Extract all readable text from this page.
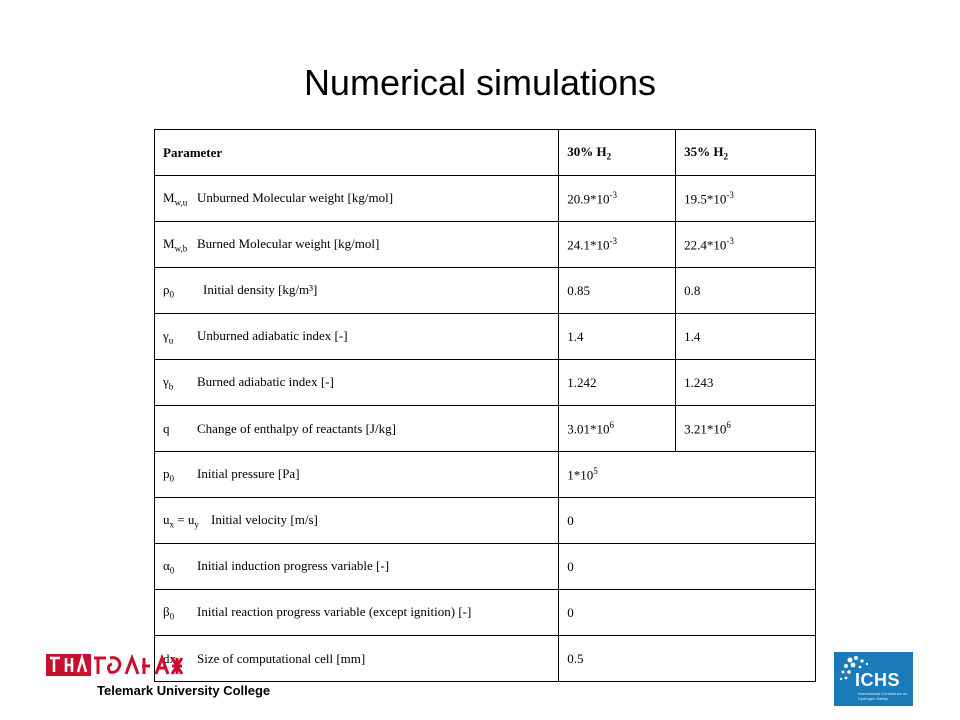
Numerical simulations
Parameter	30% $H_2$	35% $H_2$
$M_{w,u}$ Unburned Molecular weight [kg/mol]	$20.9*10^{-3}$	$19.5*10^{-3}$
$M_{w,b}$ Burned Molecular weight [kg/mol]	$24.1*10^{-3}$	$22.4*10^{-3}$
$\rho_0$ Initial density [kg/m³]	0.85	0.8
$\gamma_u$ Unburned adiabatic index [-]	1.4	1.4
$\gamma_b$ Burned adiabatic index [-]	1.242	1.243
q Change of enthalpy of reactants [J/kg]	$3.01*10^6$	$3.21*10^6$
$p_0$ Initial pressure [Pa]	$1*10^5$
$u_x = u_y$ Initial velocity [m/s]	0	
$\alpha_0$ Initial induction progress variable [-]	0	
$\beta_0$ Initial reaction progress variable (except ignition) [-]	0	
dx Size of computational cell [mm]	0.5	
Telemark University College
ICHS
International Conference on Hydrogen Safety
